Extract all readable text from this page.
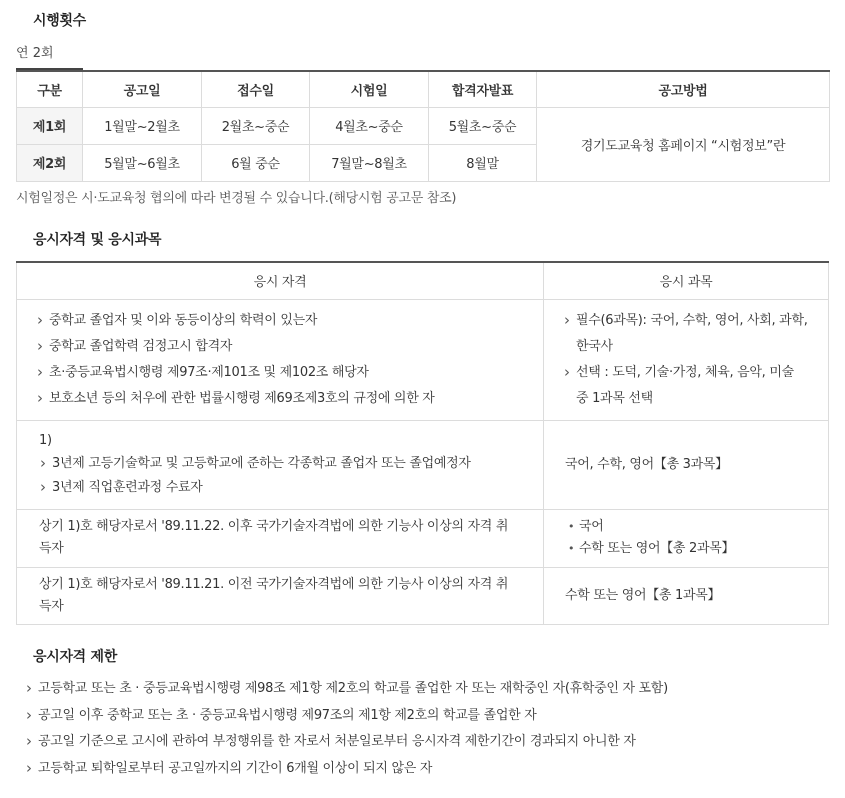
시행횟수
연 2회
구분	공고일	접수일	시험일	합격자발표	공고방법
제1회	1월말~2월초	2월초~중순	4월초~중순	5월초~중순	경기도교육청 홈페이지 “시험정보”란
제2회	5월말~6월초	6월 중순	7월말~8월초	8월말	
시험일정은 시·도교육청 협의에 따라 변경될 수 있습니다.(해당시험 공고문 참조)
응시자격 및 응시과목
응시 자격	응시 과목

› 중학교 졸업자 및 이와 동등이상의 학력이 있는자
› 중학교 졸업학력 검정고시 합격자
› 초·중등교육법시행령 제97조·제101조 및 제102조 해당자
› 보호소년 등의 처우에 관한 법률시행령 제69조제3호의 규정에 의한 자	› 필수(6과목): 국어, 수학, 영어, 사회, 과학,
한국사
› 선택 : 도덕, 기술·가정, 체육, 음악, 미술
중 1과목 선택

1)
› 3년제 고등기술학교 및 고등학교에 준하는 각종학교 졸업자 또는 졸업예정자
› 3년제 직업훈련과정 수료자	국어, 수학, 영어【총 3과목】

상기 1)호 해당자로서 '89.11.22. 이후 국가기술자격법에 의한 기능사 이상의 자격 취
득자	• 국어
• 수학 또는 영어【총 2과목】

상기 1)호 해당자로서 '89.11.21. 이전 국가기술자격법에 의한 기능사 이상의 자격 취
득자	수학 또는 영어【총 1과목】
응시자격 제한
› 고등학교 또는 초 · 중등교육법시행령 제98조 제1항 제2호의 학교를 졸업한 자 또는 재학중인 자(휴학중인 자 포함)
› 공고일 이후 중학교 또는 초 · 중등교육법시행령 제97조의 제1항 제2호의 학교를 졸업한 자
› 공고일 기준으로 고시에 관하여 부정행위를 한 자로서 처분일로부터 응시자격 제한기간이 경과되지 아니한 자
› 고등학교 퇴학일로부터 공고일까지의 기간이 6개월 이상이 되지 않은 자
